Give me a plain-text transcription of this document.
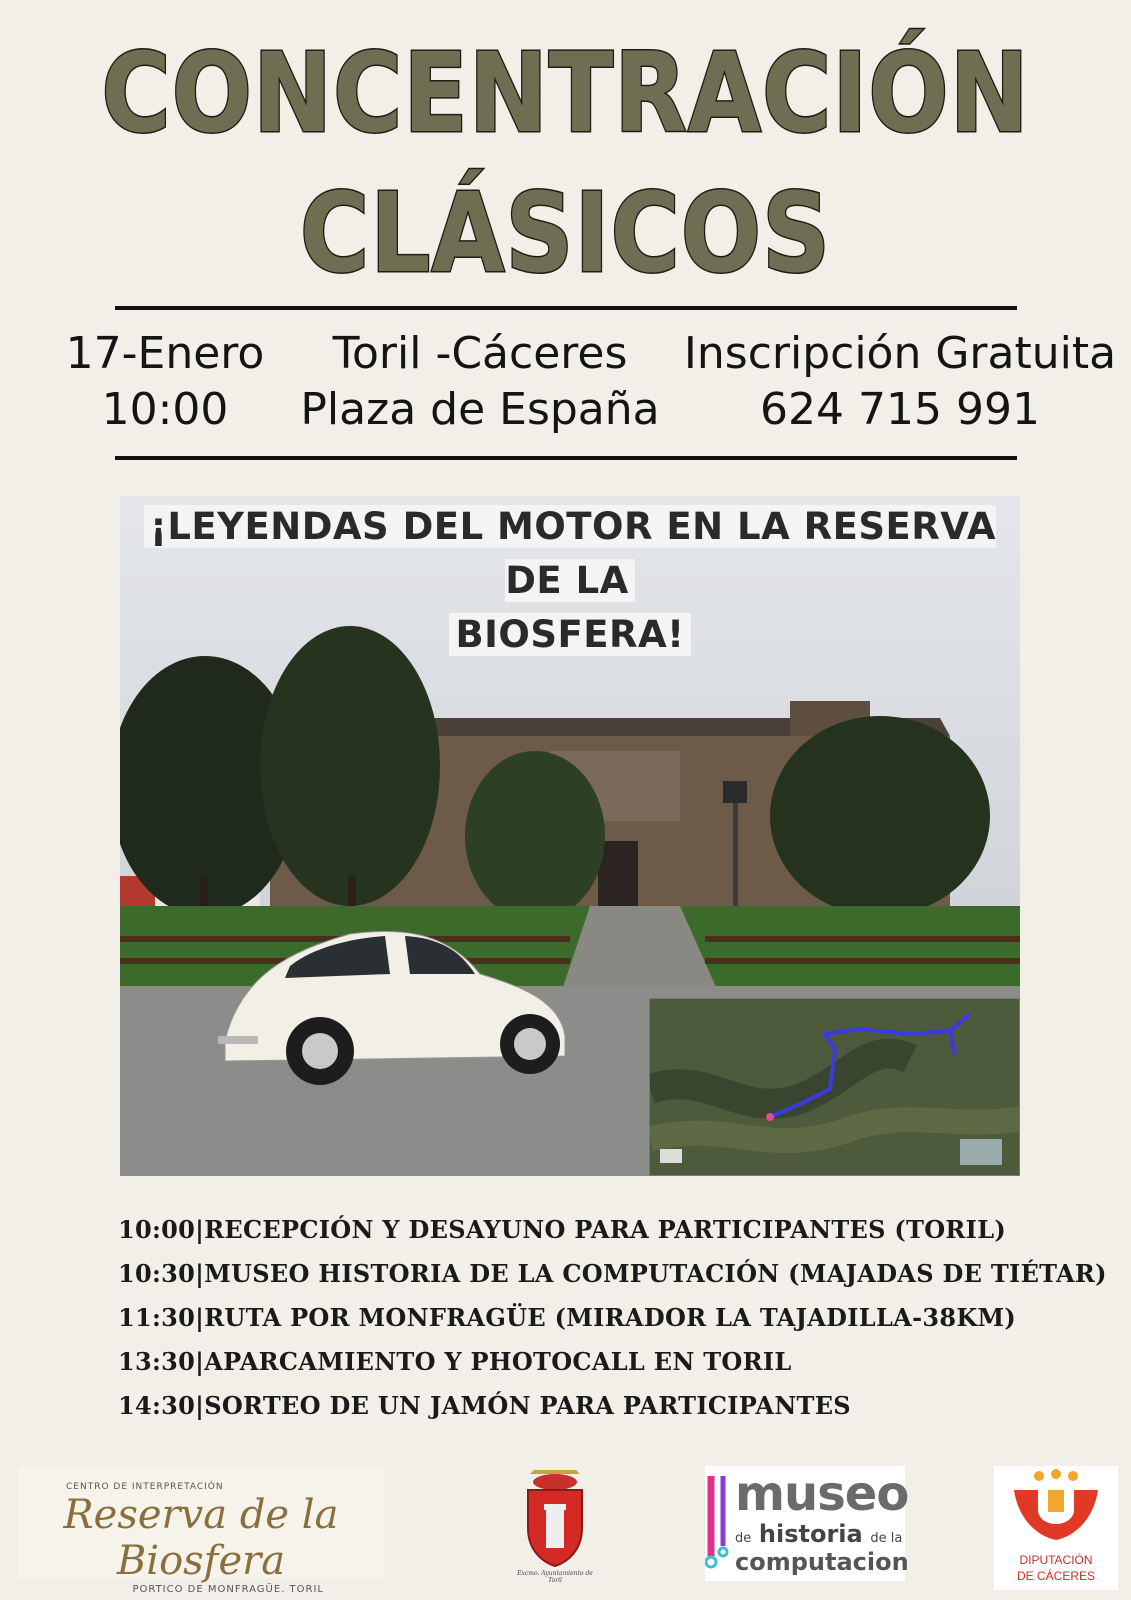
CONCENTRACIÓN
CLÁSICOS
17-Enero
10:00
Toril -Cáceres
Plaza de España
Inscripción Gratuita
624 715 991
¡LEYENDAS DEL MOTOR EN LA RESERVA DE LA
BIOSFERA!
10:00|RECEPCIÓN Y DESAYUNO PARA PARTICIPANTES (TORIL)
10:30|MUSEO HISTORIA DE LA COMPUTACIÓN (MAJADAS DE TIÉTAR)
11:30|RUTA POR MONFRAGÜE (MIRADOR LA TAJADILLA-38KM)
13:30|APARCAMIENTO Y PHOTOCALL EN TORIL
14:30|SORTEO DE UN JAMÓN PARA PARTICIPANTES
CENTRO DE INTERPRETACIÓN
Reserva de la Biosfera
PORTICO DE MONFRAGÜE. TORIL
Excmo. Ayuntamiento de Toril
museo
de historia de la
computacion	DIPUTACIÓN
DE CÁCERES
